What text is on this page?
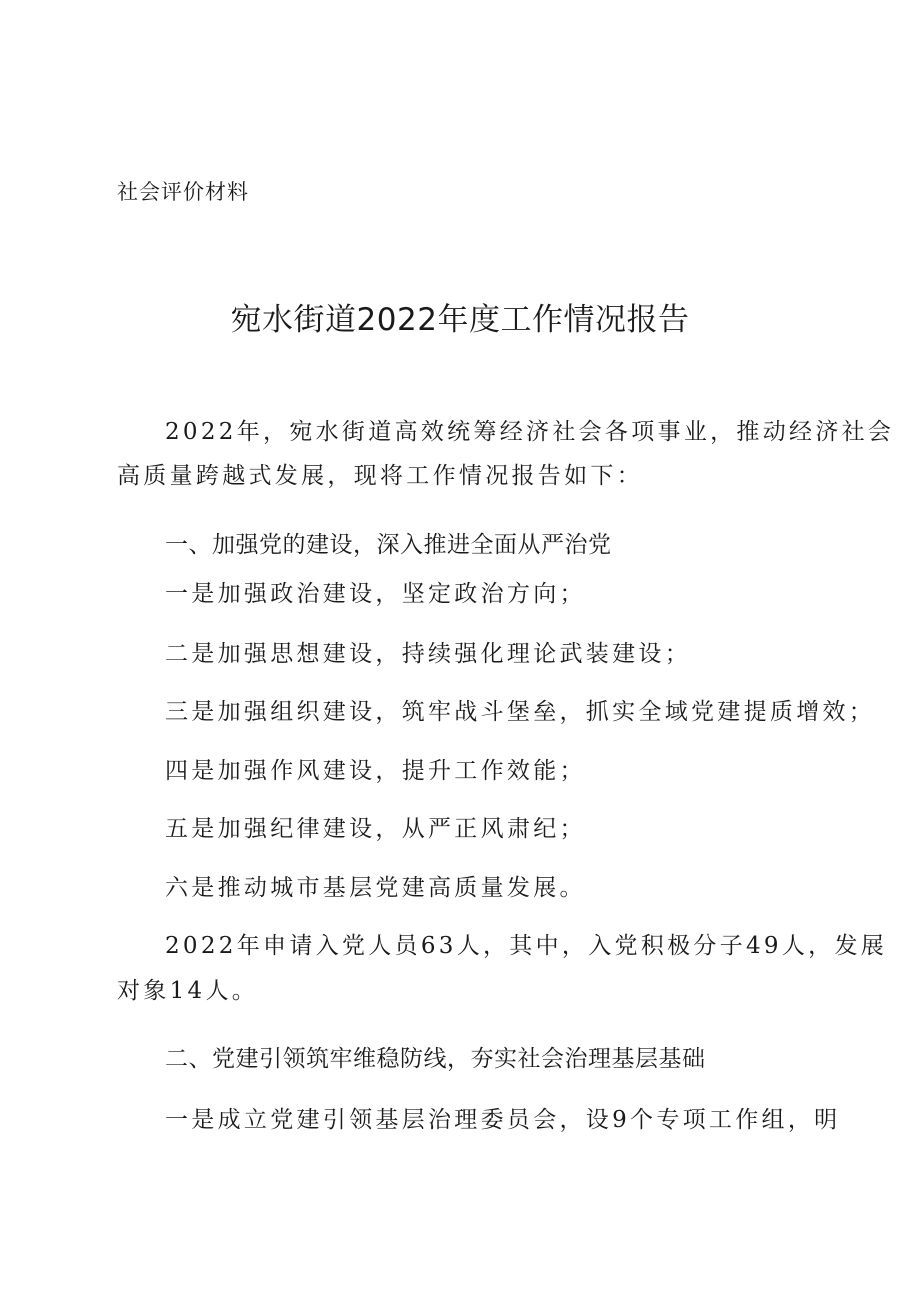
社会评价材料

宛水街道2022年度工作情况报告

2022年，宛水街道高效统筹经济社会各项事业，推动经济社会

高质量跨越式发展，现将工作情况报告如下：

一、加强党的建设，深入推进全面从严治党

一是加强政治建设，坚定政治方向；

二是加强思想建设，持续强化理论武装建设；

三是加强组织建设，筑牢战斗堡垒，抓实全域党建提质增效；

四是加强作风建设，提升工作效能；

五是加强纪律建设，从严正风肃纪；

六是推动城市基层党建高质量发展。

2022年申请入党人员63人，其中，入党积极分子49人，发展

对象14人。

二、党建引领筑牢维稳防线，夯实社会治理基层基础

一是成立党建引领基层治理委员会，设9个专项工作组，明
